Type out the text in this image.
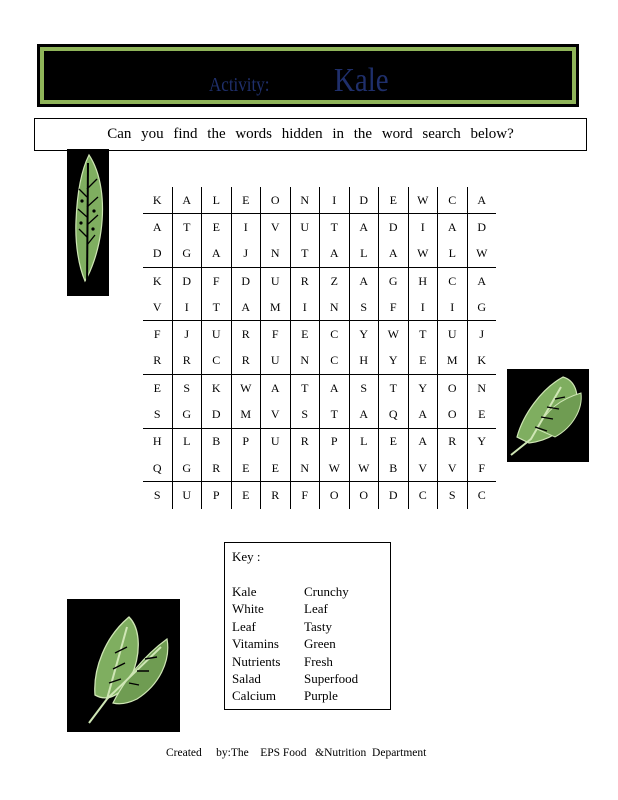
Activity: Kale
Can you find the words hidden in the word search below?
K	A	L	E	O	N	I	D	E	W	C	A
A	T	E	I	V	U	T	A	D	I	A	D
D	G	A	J	N	T	A	L	A	W	L	W
K	D	F	D	U	R	Z	A	G	H	C	A
V	I	T	A	M	I	N	S	F	I	I	G
F	J	U	R	F	E	C	Y	W	T	U	J
R	R	C	R	U	N	C	H	Y	E	M	K
E	S	K	W	A	T	A	S	T	Y	O	N
S	G	D	M	V	S	T	A	Q	A	O	E
H	L	B	P	U	R	P	L	E	A	R	Y
Q	G	R	E	E	N	W	W	B	V	V	F
S	U	P	E	R	F	O	O	D	C	S	C
Key :
Kale
White
Leaf
Vitamins
Nutrients
Salad
Calcium
Crunchy
Leaf
Tasty
Green
Fresh
Superfood
Purple
Created     by:The    EPS Food   &Nutrition  Department
